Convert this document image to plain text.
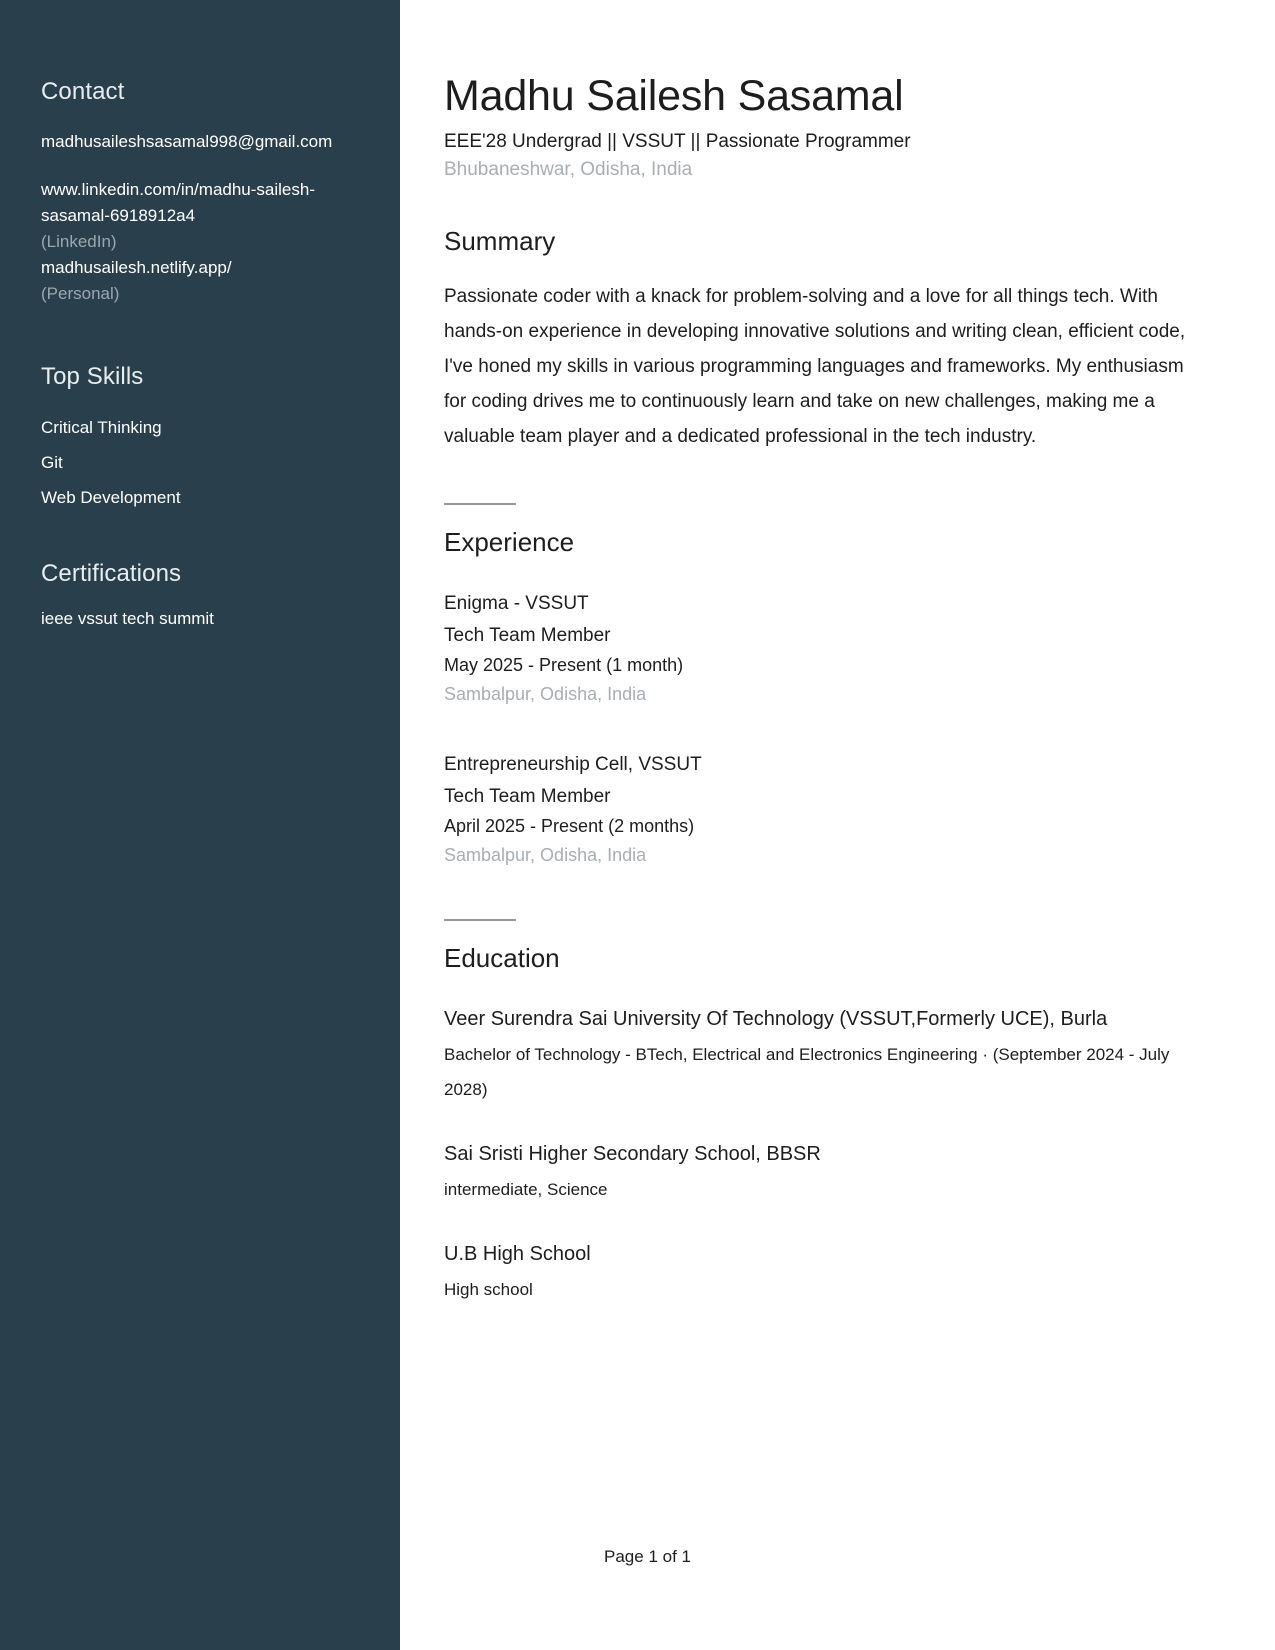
Contact
madhusaileshsasamal998@gmail.com
www.linkedin.com/in/madhu-sailesh-sasamal-6918912a4
(LinkedIn)
madhusailesh.netlify.app/
(Personal)
Top Skills
Critical Thinking
Git
Web Development
Certifications
ieee vssut tech summit
Madhu Sailesh Sasamal
EEE'28 Undergrad || VSSUT || Passionate Programmer
Bhubaneshwar, Odisha, India
Summary

Passionate coder with a knack for problem-solving and a love for all things tech. With hands-on experience in developing innovative solutions and writing clean, efficient code, I've honed my skills in various programming languages and frameworks. My enthusiasm for coding drives me to continuously learn and take on new challenges, making me a valuable team player and a dedicated professional in the tech industry.

Experience
Enigma - VSSUT
Tech Team Member
May 2025 - Present (1 month)
Sambalpur, Odisha, India
Entrepreneurship Cell, VSSUT
Tech Team Member
April 2025 - Present (2 months)
Sambalpur, Odisha, India
Education
Veer Surendra Sai University Of Technology (VSSUT,Formerly UCE), Burla
Bachelor of Technology - BTech, Electrical and Electronics Engineering · (September 2024 - July 2028)
Sai Sristi Higher Secondary School, BBSR
intermediate, Science
U.B High School
High school
Page 1 of 1
